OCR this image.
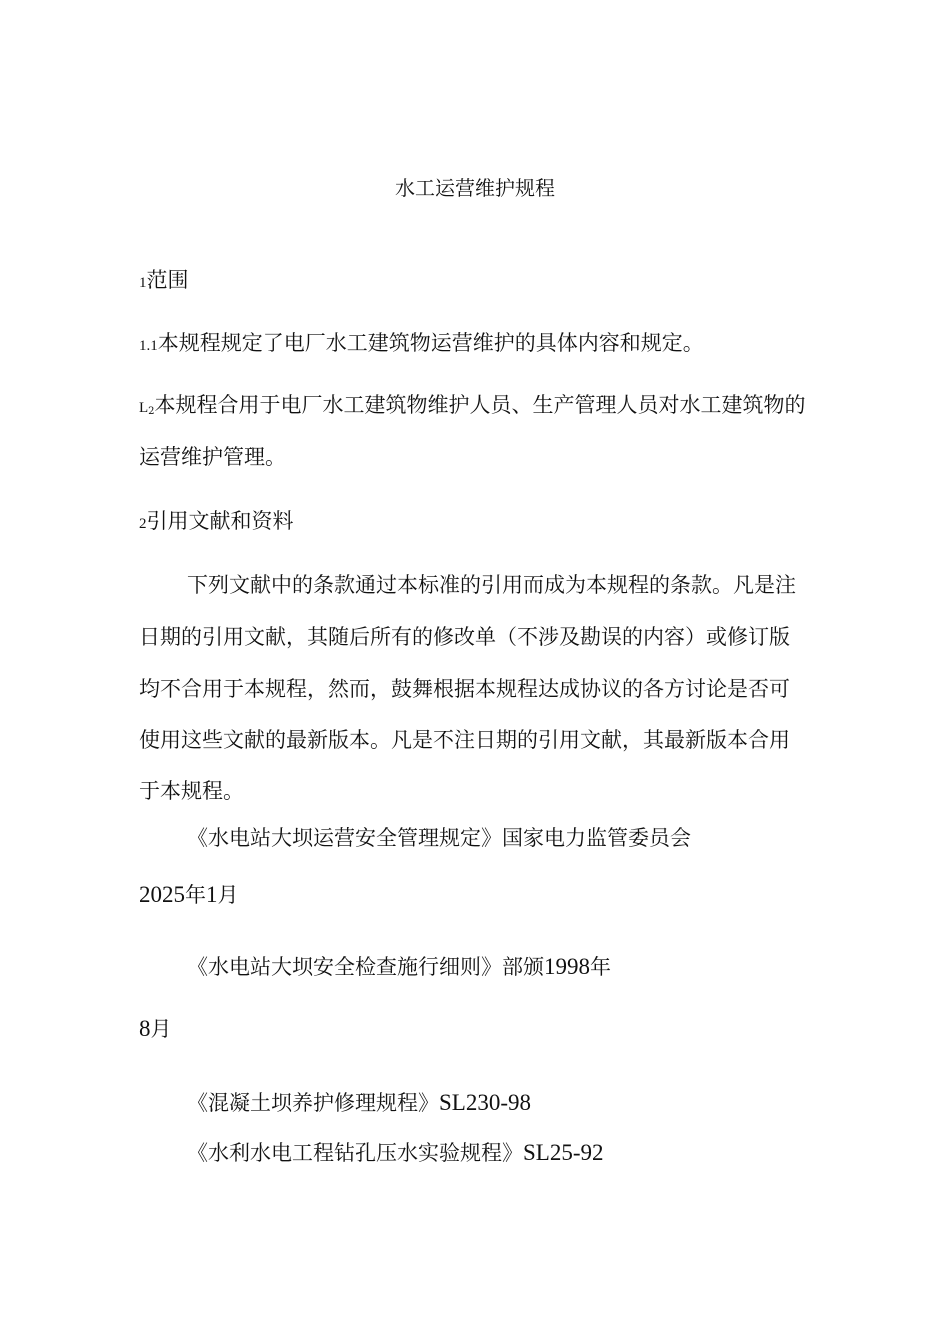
水工运营维护规程
1范围
1.1本规程规定了电厂水工建筑物运营维护的具体内容和规定。
$L_2$本规程合用于电厂水工建筑物维护人员、生产管理人员对水工建筑物的
运营维护管理。
2引用文献和资料
下列文献中的条款通过本标准的引用而成为本规程的条款。凡是注
日期的引用文献，其随后所有的修改单（不涉及勘误的内容）或修订版
均不合用于本规程，然而，鼓舞根据本规程达成协议的各方讨论是否可
使用这些文献的最新版本。凡是不注日期的引用文献，其最新版本合用
于本规程。
《水电站大坝运营安全管理规定》国家电力监管委员会
2025年1月
《水电站大坝安全检查施行细则》部颁1998年
8月
《混凝土坝养护修理规程》SL230-98
《水利水电工程钻孔压水实验规程》SL25-92
